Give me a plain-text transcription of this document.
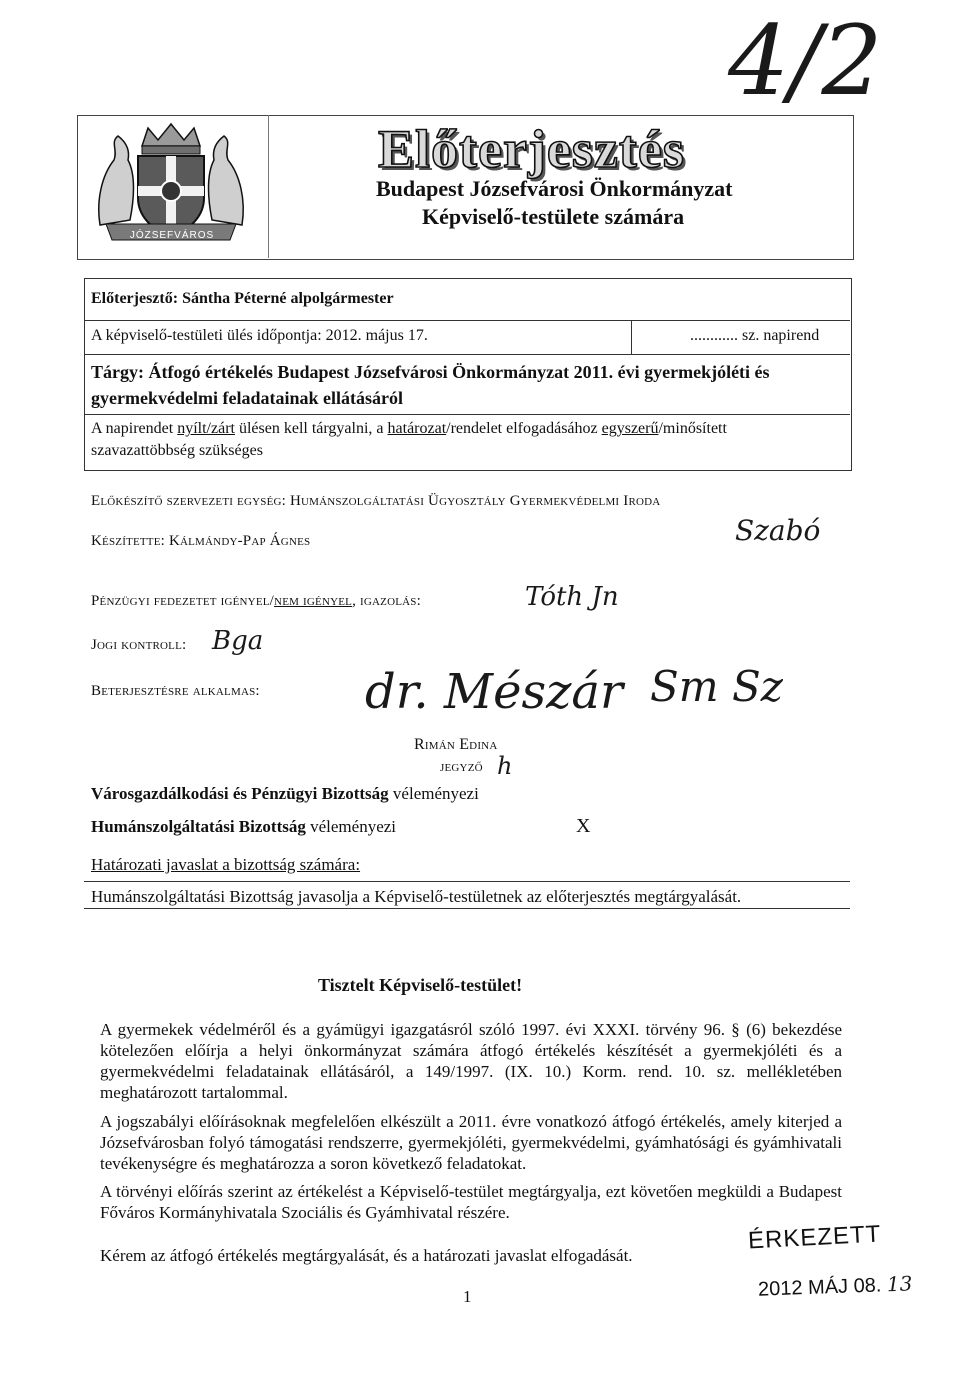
4/2
JÓZSEFVÁROS
Előterjesztés
Budapest Józsefvárosi Önkormányzat
Képviselő-testülete számára
Előterjesztő: Sántha Péterné alpolgármester
A képviselő-testületi ülés időpontja: 2012. május 17.	............ sz. napirend
Tárgy: Átfogó értékelés Budapest Józsefvárosi Önkormányzat 2011. évi gyermekjóléti és
gyermekvédelmi feladatainak ellátásáról
A napirendet nyílt/zárt ülésen kell tárgyalni, a határozat/rendelet elfogadásához egyszerű/minősített
szavazattöbbség szükséges
Előkészítő szervezeti egység: Humánszolgáltatási Ügyosztály Gyermekvédelmi Iroda
Készítette: Kálmándy-Pap Ágnes	Szabó
Pénzügyi fedezetet igényel/nem igényel, igazolás:	Tóth Jn
Jogi kontroll: Bga
Beterjesztésre alkalmas: dr. Mészár Sm Sz
Rimán Edina
jegyző h
Városgazdálkodási és Pénzügyi Bizottság véleményezi
Humánszolgáltatási Bizottság véleményezi	X
Határozati javaslat a bizottság számára:
Humánszolgáltatási Bizottság javasolja a Képviselő-testületnek az előterjesztés megtárgyalását.
Tisztelt Képviselő-testület!
A gyermekek védelméről és a gyámügyi igazgatásról szóló 1997. évi XXXI. törvény 96. § (6) bekezdése kötelezően előírja a helyi önkormányzat számára átfogó értékelés készítését a gyermekjóléti és a gyermekvédelmi feladatainak ellátásáról, a 149/1997. (IX. 10.) Korm. rend. 10. sz. mellékletében meghatározott tartalommal.
A jogszabályi előírásoknak megfelelően elkészült a 2011. évre vonatkozó átfogó értékelés, amely kiterjed a Józsefvárosban folyó támogatási rendszerre, gyermekjóléti, gyermekvédelmi, gyámhatósági és gyámhivatali tevékenységre és meghatározza a soron következő feladatokat.
A törvényi előírás szerint az értékelést a Képviselő-testület megtárgyalja, ezt követően megküldi a Budapest Főváros Kormányhivatala Szociális és Gyámhivatal részére.
Kérem az átfogó értékelés megtárgyalását, és a határozati javaslat elfogadását.
ÉRKEZETT
2012 MÁJ 08. 13
1
